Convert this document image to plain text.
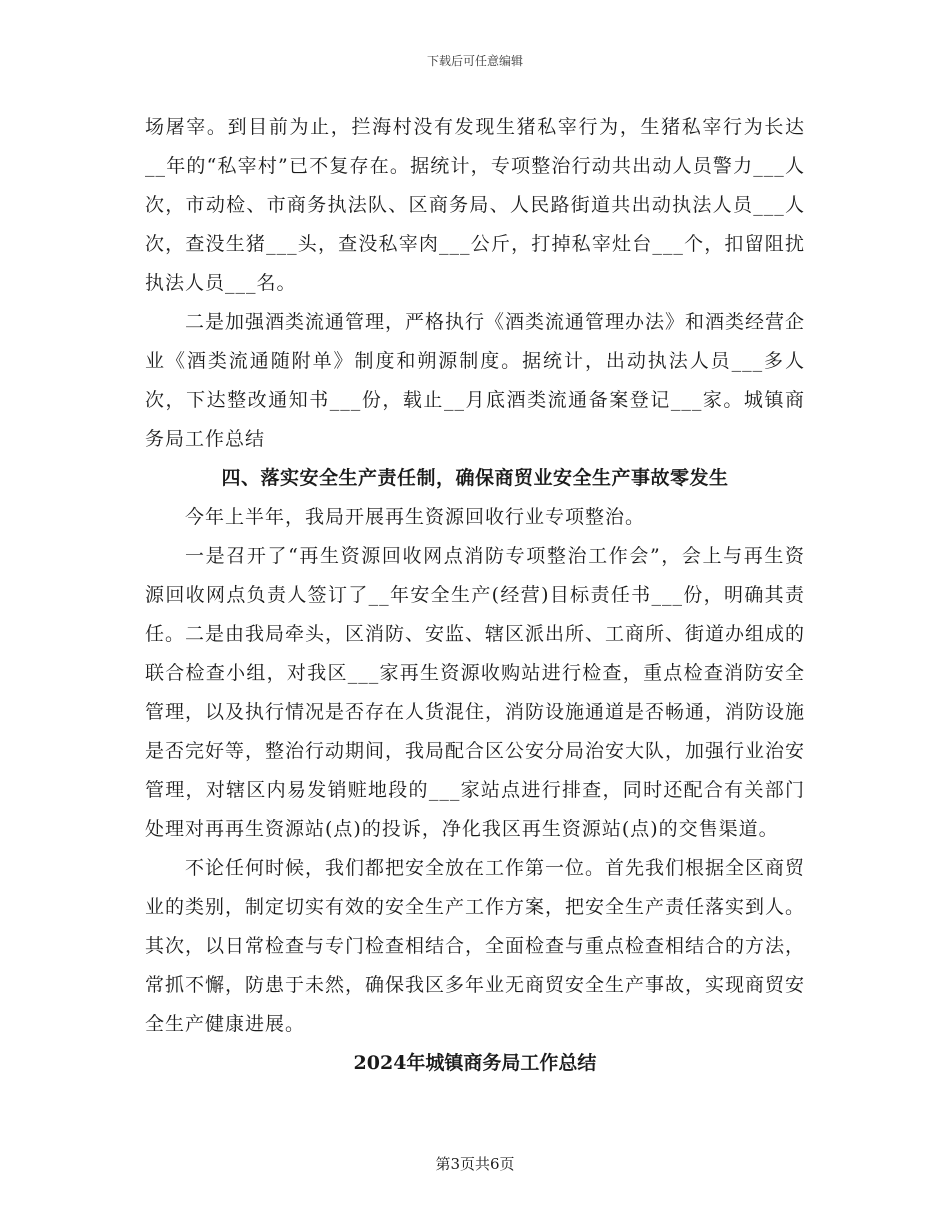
下载后可任意编辑

场屠宰。到目前为止，拦海村没有发现生猪私宰行为，生猪私宰行为长达__年的“私宰村”已不复存在。据统计，专项整治行动共出动人员警力___人次，市动检、市商务执法队、区商务局、人民路街道共出动执法人员___人次，查没生猪___头，查没私宰肉___公斤，打掉私宰灶台___个，扣留阻扰执法人员___名。

二是加强酒类流通管理，严格执行《酒类流通管理办法》和酒类经营企业《酒类流通随附单》制度和朔源制度。据统计，出动执法人员___多人次，下达整改通知书___份，载止__月底酒类流通备案登记___家。城镇商务局工作总结

四、落实安全生产责任制，确保商贸业安全生产事故零发生

今年上半年，我局开展再生资源回收行业专项整治。

一是召开了“再生资源回收网点消防专项整治工作会”，会上与再生资源回收网点负责人签订了__年安全生产(经营)目标责任书___份，明确其责任。二是由我局牵头，区消防、安监、辖区派出所、工商所、街道办组成的联合检查小组，对我区___家再生资源收购站进行检查，重点检查消防安全管理，以及执行情况是否存在人货混住，消防设施通道是否畅通，消防设施是否完好等，整治行动期间，我局配合区公安分局治安大队，加强行业治安管理，对辖区内易发销赃地段的___家站点进行排查，同时还配合有关部门处理对再再生资源站(点)的投诉，净化我区再生资源站(点)的交售渠道。

不论任何时候，我们都把安全放在工作第一位。首先我们根据全区商贸业的类别，制定切实有效的安全生产工作方案，把安全生产责任落实到人。其次，以日常检查与专门检查相结合，全面检查与重点检查相结合的方法，常抓不懈，防患于未然，确保我区多年业无商贸安全生产事故，实现商贸安全生产健康进展。

2024年城镇商务局工作总结

第3页共6页
